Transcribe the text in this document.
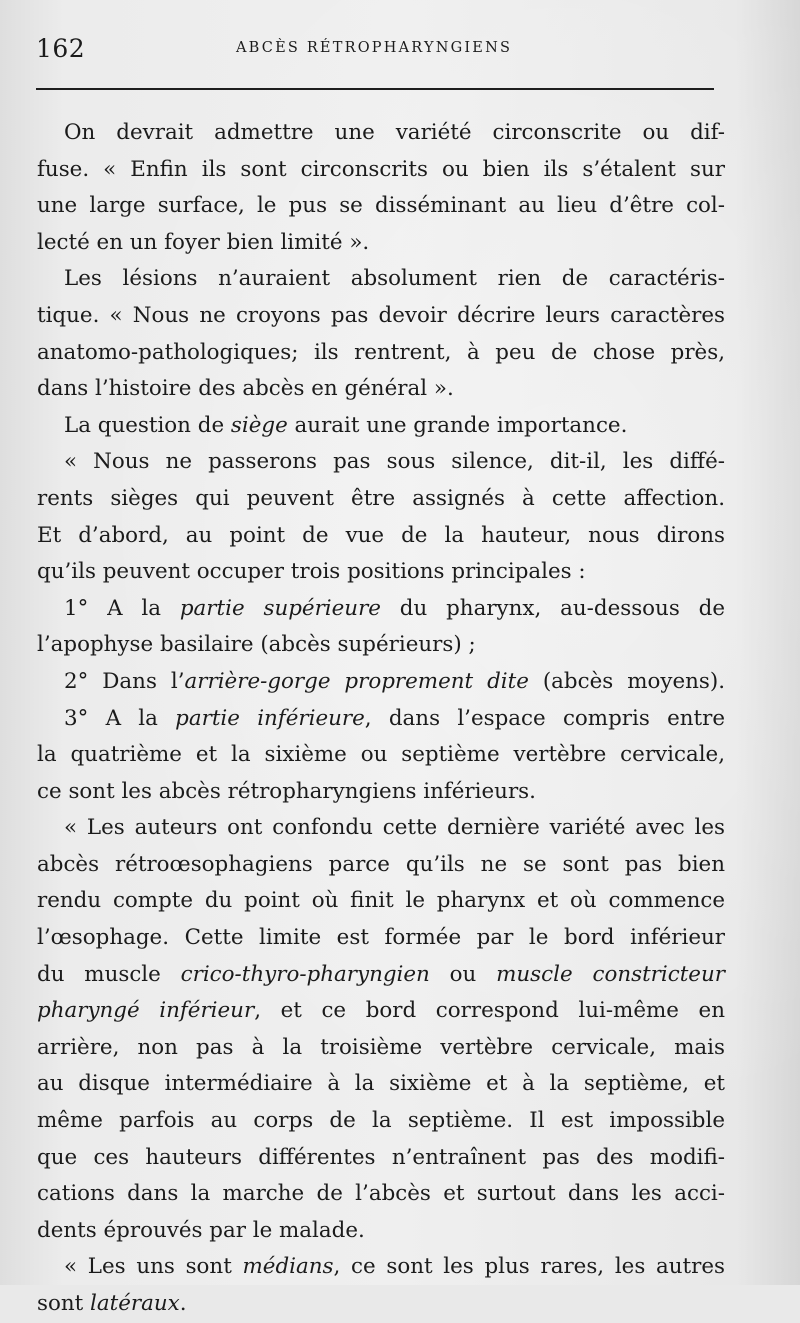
162	ABCÈS RÉTROPHARYNGIENS
On devrait admettre une variété circonscrite ou dif-
fuse. « Enfin ils sont circonscrits ou bien ils s’étalent sur
une large surface, le pus se disséminant au lieu d’être col-
lecté en un foyer bien limité ».
Les lésions n’auraient absolument rien de caractéris-
tique. « Nous ne croyons pas devoir décrire leurs caractères
anatomo-pathologiques; ils rentrent, à peu de chose près,
dans l’histoire des abcès en général ».
La question de siège aurait une grande importance.
« Nous ne passerons pas sous silence, dit-il, les diffé-
rents sièges qui peuvent être assignés à cette affection.
Et d’abord, au point de vue de la hauteur, nous dirons
qu’ils peuvent occuper trois positions principales :
1° A la partie supérieure du pharynx, au-dessous de
l’apophyse basilaire (abcès supérieurs) ;
2° Dans l’arrière-gorge proprement dite (abcès moyens).
3° A la partie inférieure, dans l’espace compris entre
la quatrième et la sixième ou septième vertèbre cervicale,
ce sont les abcès rétropharyngiens inférieurs.
« Les auteurs ont confondu cette dernière variété avec les
abcès rétroœsophagiens parce qu’ils ne se sont pas bien
rendu compte du point où finit le pharynx et où commence
l’œsophage. Cette limite est formée par le bord inférieur
du muscle crico-thyro-pharyngien ou muscle constricteur
pharyngé inférieur, et ce bord correspond lui-même en
arrière, non pas à la troisième vertèbre cervicale, mais
au disque intermédiaire à la sixième et à la septième, et
même parfois au corps de la septième. Il est impossible
que ces hauteurs différentes n’entraînent pas des modifi-
cations dans la marche de l’abcès et surtout dans les acci-
dents éprouvés par le malade.
« Les uns sont médians, ce sont les plus rares, les autres
sont latéraux.
